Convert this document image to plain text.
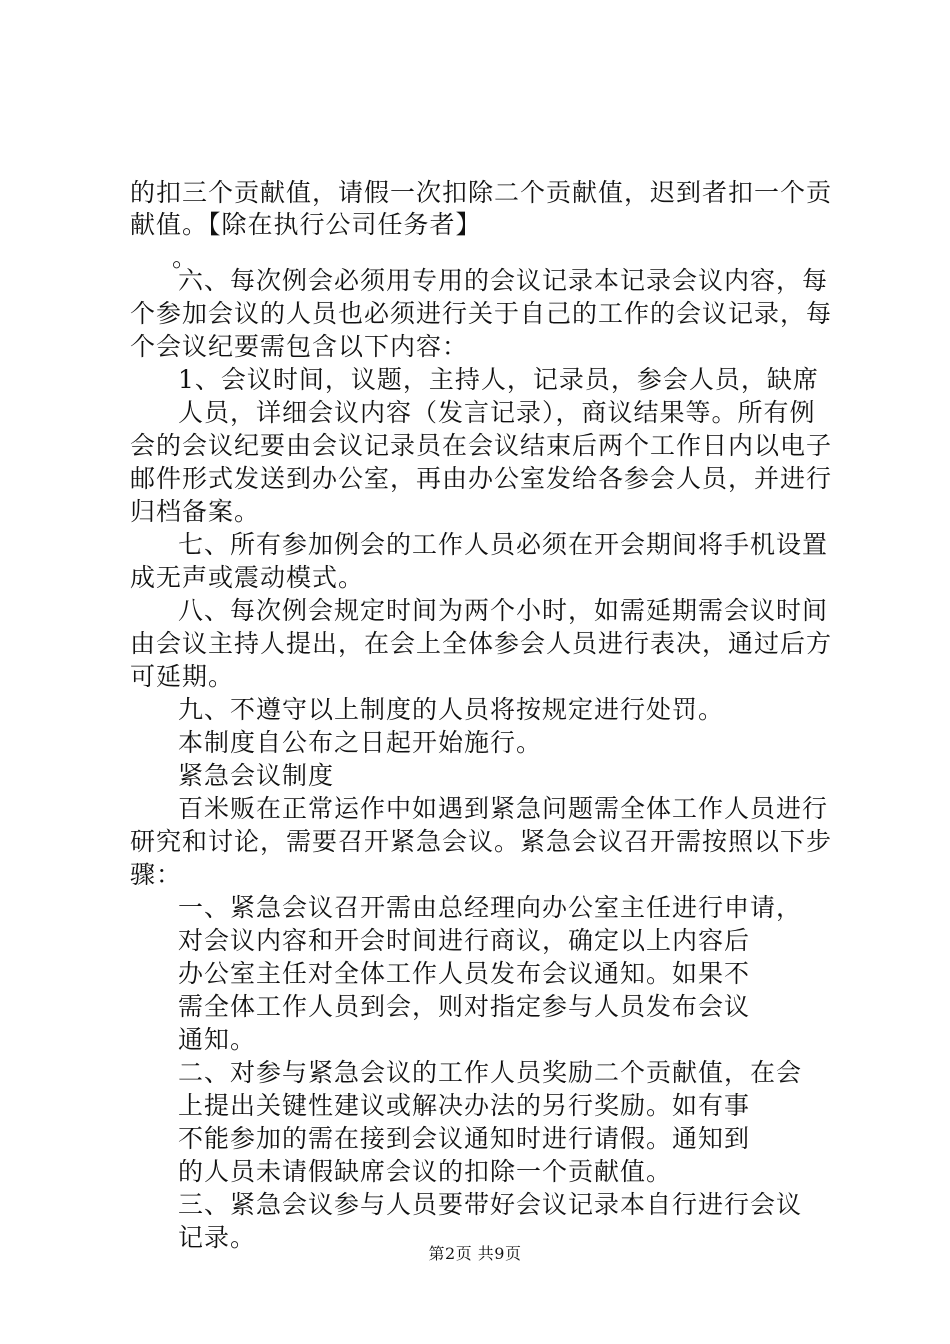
的扣三个贡献值，请假一次扣除二个贡献值，迟到者扣一个贡
献值。【除在执行公司任务者】
。
六、每次例会必须用专用的会议记录本记录会议内容，每
个参加会议的人员也必须进行关于自己的工作的会议记录，每
个会议纪要需包含以下内容：
1、会议时间，议题，主持人，记录员，参会人员，缺席
人员，详细会议内容（发言记录），商议结果等。所有例
会的会议纪要由会议记录员在会议结束后两个工作日内以电子
邮件形式发送到办公室，再由办公室发给各参会人员，并进行
归档备案。
七、所有参加例会的工作人员必须在开会期间将手机设置
成无声或震动模式。
八、每次例会规定时间为两个小时，如需延期需会议时间
由会议主持人提出，在会上全体参会人员进行表决，通过后方
可延期。
九、不遵守以上制度的人员将按规定进行处罚。
本制度自公布之日起开始施行。
紧急会议制度
百米贩在正常运作中如遇到紧急问题需全体工作人员进行
研究和讨论，需要召开紧急会议。紧急会议召开需按照以下步
骤：
一、紧急会议召开需由总经理向办公室主任进行申请，
对会议内容和开会时间进行商议，确定以上内容后
办公室主任对全体工作人员发布会议通知。如果不
需全体工作人员到会，则对指定参与人员发布会议
通知。
二、对参与紧急会议的工作人员奖励二个贡献值，在会
上提出关键性建议或解决办法的另行奖励。如有事
不能参加的需在接到会议通知时进行请假。通知到
的人员未请假缺席会议的扣除一个贡献值。
三、紧急会议参与人员要带好会议记录本自行进行会议
记录。
第2页 共9页
